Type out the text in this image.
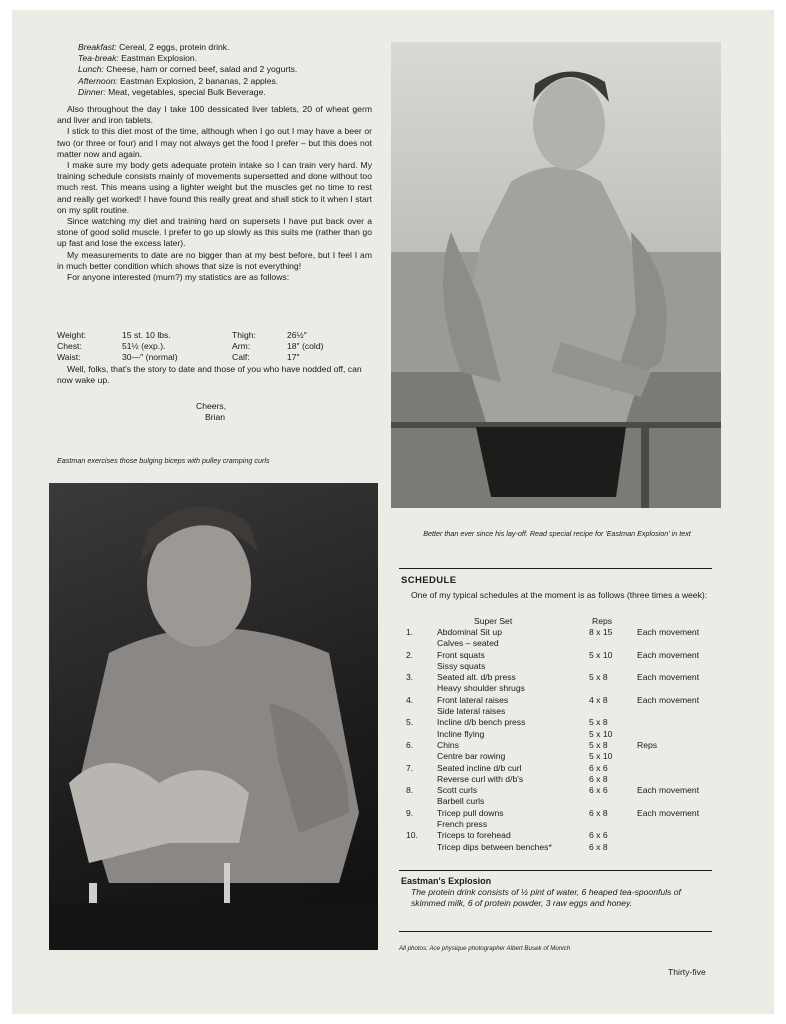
Breakfast: Cereal, 2 eggs, protein drink.
Tea-break: Eastman Explosion.
Lunch: Cheese, ham or corned beef, salad and 2 yogurts.
Afternoon: Eastman Explosion, 2 bananas, 2 apples.
Dinner: Meat, vegetables, special Bulk Beverage.

Also throughout the day I take 100 dessicated liver tablets, 20 of wheat germ and liver and iron tablets.

I stick to this diet most of the time, although when I go out I may have a beer or two (or three or four) and I may not always get the food I prefer – but this does not matter now and again.

I make sure my body gets adequate protein intake so I can train very hard. My training schedule consists mainly of movements supersetted and done without too much rest. This means using a lighter weight but the muscles get no time to rest and really get worked! I have found this really great and shall stick to it when I start on my split routine.

Since watching my diet and training hard on supersets I have put back over a stone of good solid muscle. I prefer to go up slowly as this suits me (rather than go up fast and lose the excess later).

My measurements to date are no bigger than at my best before, but I feel I am in much better condition which shows that size is not everything!

For anyone interested (mum?) my statistics are as follows:

Weight:	15 st. 10 lbs.	Thigh:	26½″
Chest:	51½ (exp.).	Arm:	18″ (cold)
Waist:	30—″ (normal)	Calf:	17″

Well, folks, that's the story to date and those of you who have nodded off, can now wake up.

Cheers,
Brian
Eastman exercises those bulging biceps with pulley cramping curls
Better than ever since his lay-off. Read special recipe for 'Eastman Explosion' in text
SCHEDULE
One of my typical schedules at the moment is as follows (three times a week):
Super Set	Reps
1.	Abdominal Sit up	8 x 15	Each movement
Calves – seated
2.	Front squats	5 x 10	Each movement
Sissy squats
3.	Seated alt. d/b press	5 x 8	Each movement
Heavy shoulder shrugs
4.	Front lateral raises	4 x 8	Each movement
Side lateral raises
5.	Incline d/b bench press	5 x 8
Incline flying	5 x 10
6.	Chins	5 x 8	Reps
Centre bar rowing	5 x 10
7.	Seated incline d/b curl	6 x 6
Reverse curl with d/b's	6 x 8
8.	Scott curls	6 x 6	Each movement
Barbell curls
9.	Tricep pull downs	6 x 8	Each movement
French press
10.	Triceps to forehead	6 x 6
Tricep dips between benches*	6 x 8
Eastman's Explosion
The protein drink consists of ½ pint of water, 6 heaped tea-spoonfuls of skimmed milk, 6 of protein powder, 3 raw eggs and honey.
All photos: Ace physique photographer Albert Busek of Munich
Thirty-five
